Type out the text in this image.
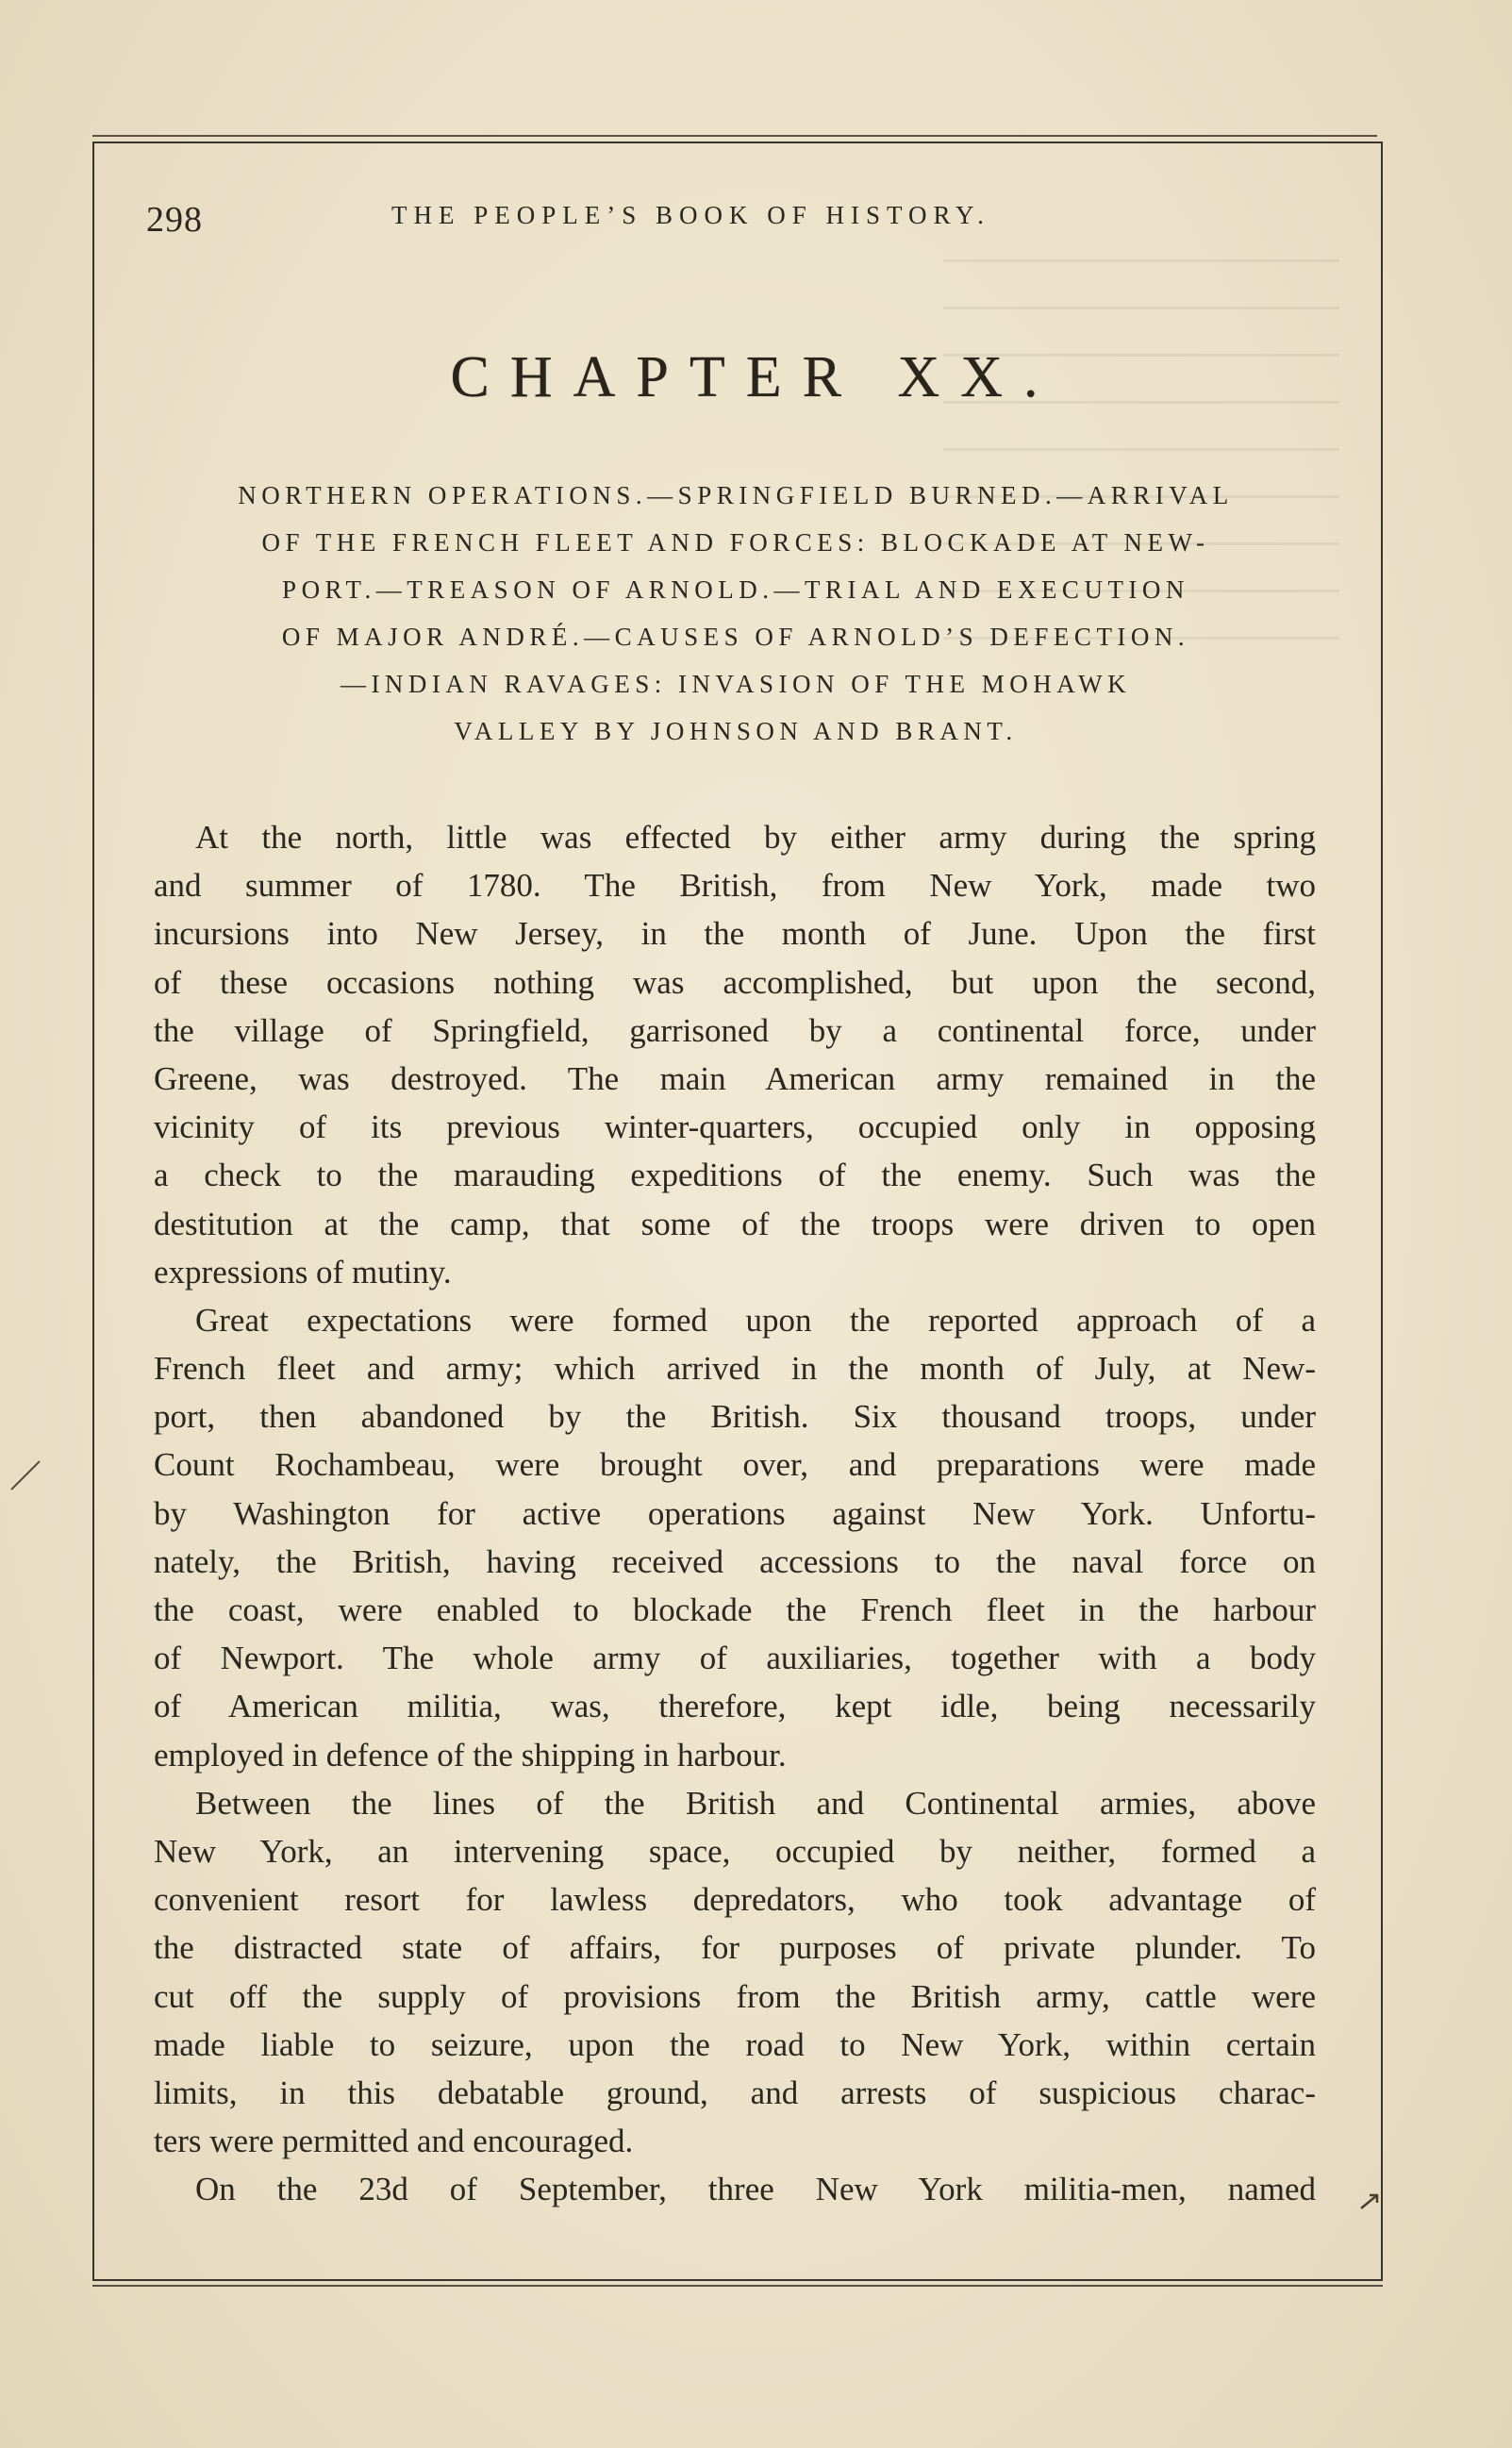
298	THE PEOPLE’S BOOK OF HISTORY.
CHAPTER XX.
NORTHERN OPERATIONS.—SPRINGFIELD BURNED.—ARRIVAL
OF THE FRENCH FLEET AND FORCES: BLOCKADE AT NEW-
PORT.—TREASON OF ARNOLD.—TRIAL AND EXECUTION
OF MAJOR ANDRÉ.—CAUSES OF ARNOLD’S DEFECTION.
—INDIAN RAVAGES: INVASION OF THE MOHAWK
VALLEY BY JOHNSON AND BRANT.
At the north, little was effected by either army during the spring
and summer of 1780. The British, from New York, made two
incursions into New Jersey, in the month of June. Upon the first
of these occasions nothing was accomplished, but upon the second,
the village of Springfield, garrisoned by a continental force, under
Greene, was destroyed. The main American army remained in the
vicinity of its previous winter-quarters, occupied only in opposing
a check to the marauding expeditions of the enemy. Such was the
destitution at the camp, that some of the troops were driven to open
expressions of mutiny.
Great expectations were formed upon the reported approach of a
French fleet and army; which arrived in the month of July, at New-
port, then abandoned by the British. Six thousand troops, under
Count Rochambeau, were brought over, and preparations were made
by Washington for active operations against New York. Unfortu-
nately, the British, having received accessions to the naval force on
the coast, were enabled to blockade the French fleet in the harbour
of Newport. The whole army of auxiliaries, together with a body
of American militia, was, therefore, kept idle, being necessarily
employed in defence of the shipping in harbour.
Between the lines of the British and Continental armies, above
New York, an intervening space, occupied by neither, formed a
convenient resort for lawless depredators, who took advantage of
the distracted state of affairs, for purposes of private plunder. To
cut off the supply of provisions from the British army, cattle were
made liable to seizure, upon the road to New York, within certain
limits, in this debatable ground, and arrests of suspicious charac-
ters were permitted and encouraged.
On the 23d of September, three New York militia-men, named
